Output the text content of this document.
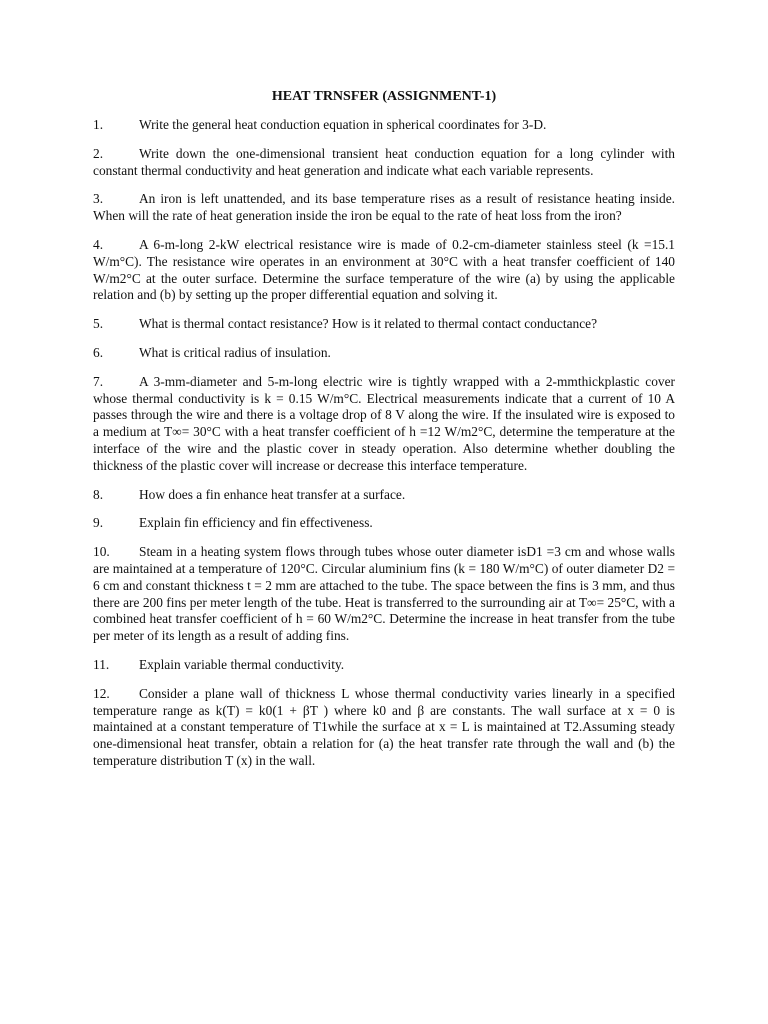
HEAT TRNSFER (ASSIGNMENT-1)
1.	Write the general heat conduction equation in spherical coordinates for 3-D.
2.	Write down the one-dimensional transient heat conduction equation for a long cylinder with constant thermal conductivity and heat generation and indicate what each variable represents.
3.	An iron is left unattended, and its base temperature rises as a result of resistance heating inside. When will the rate of heat generation inside the iron be equal to the rate of heat loss from the iron?
4.	A 6-m-long 2-kW electrical resistance wire is made of 0.2-cm-diameter stainless steel (k =15.1 W/m°C). The resistance wire operates in an environment at 30°C with a heat transfer coefficient of 140 W/m2°C at the outer surface. Determine the surface temperature of the wire (a) by using the applicable relation and (b) by setting up the proper differential equation and solving it.
5.	What is thermal contact resistance? How is it related to thermal contact conductance?
6.	What is critical radius of insulation.
7.	A 3-mm-diameter and 5-m-long electric wire is tightly wrapped with a 2-mmthickplastic cover whose thermal conductivity is k = 0.15 W/m°C. Electrical measurements indicate that a current of 10 A passes through the wire and there is a voltage drop of 8 V along the wire. If the insulated wire is exposed to a medium at T∞= 30°C with a heat transfer coefficient of h =12 W/m2°C, determine the temperature at the interface of the wire and the plastic cover in steady operation. Also determine whether doubling the thickness of the plastic cover will increase or decrease this interface temperature.
8.	How does a fin enhance heat transfer at a surface.
9.	Explain fin efficiency and fin effectiveness.
10. Steam in a heating system flows through tubes whose outer diameter isD1 =3 cm and whose walls are maintained at a temperature of 120°C. Circular aluminium fins (k = 180 W/m°C) of outer diameter D2 = 6 cm and constant thickness t = 2 mm are attached to the tube. The space between the fins is 3 mm, and thus there are 200 fins per meter length of the tube. Heat is transferred to the surrounding air at T∞= 25°C, with a combined heat transfer coefficient of h = 60 W/m2°C. Determine the increase in heat transfer from the tube per meter of its length as a result of adding fins.
11. Explain variable thermal conductivity.
12. Consider a plane wall of thickness L whose thermal conductivity varies linearly in a specified temperature range as k(T) = k0(1 + βT ) where k0 and β are constants. The wall surface at x = 0 is maintained at a constant temperature of T1while the surface at x = L is maintained at T2.Assuming steady one-dimensional heat transfer, obtain a relation for (a) the heat transfer rate through the wall and (b) the temperature distribution T (x) in the wall.
